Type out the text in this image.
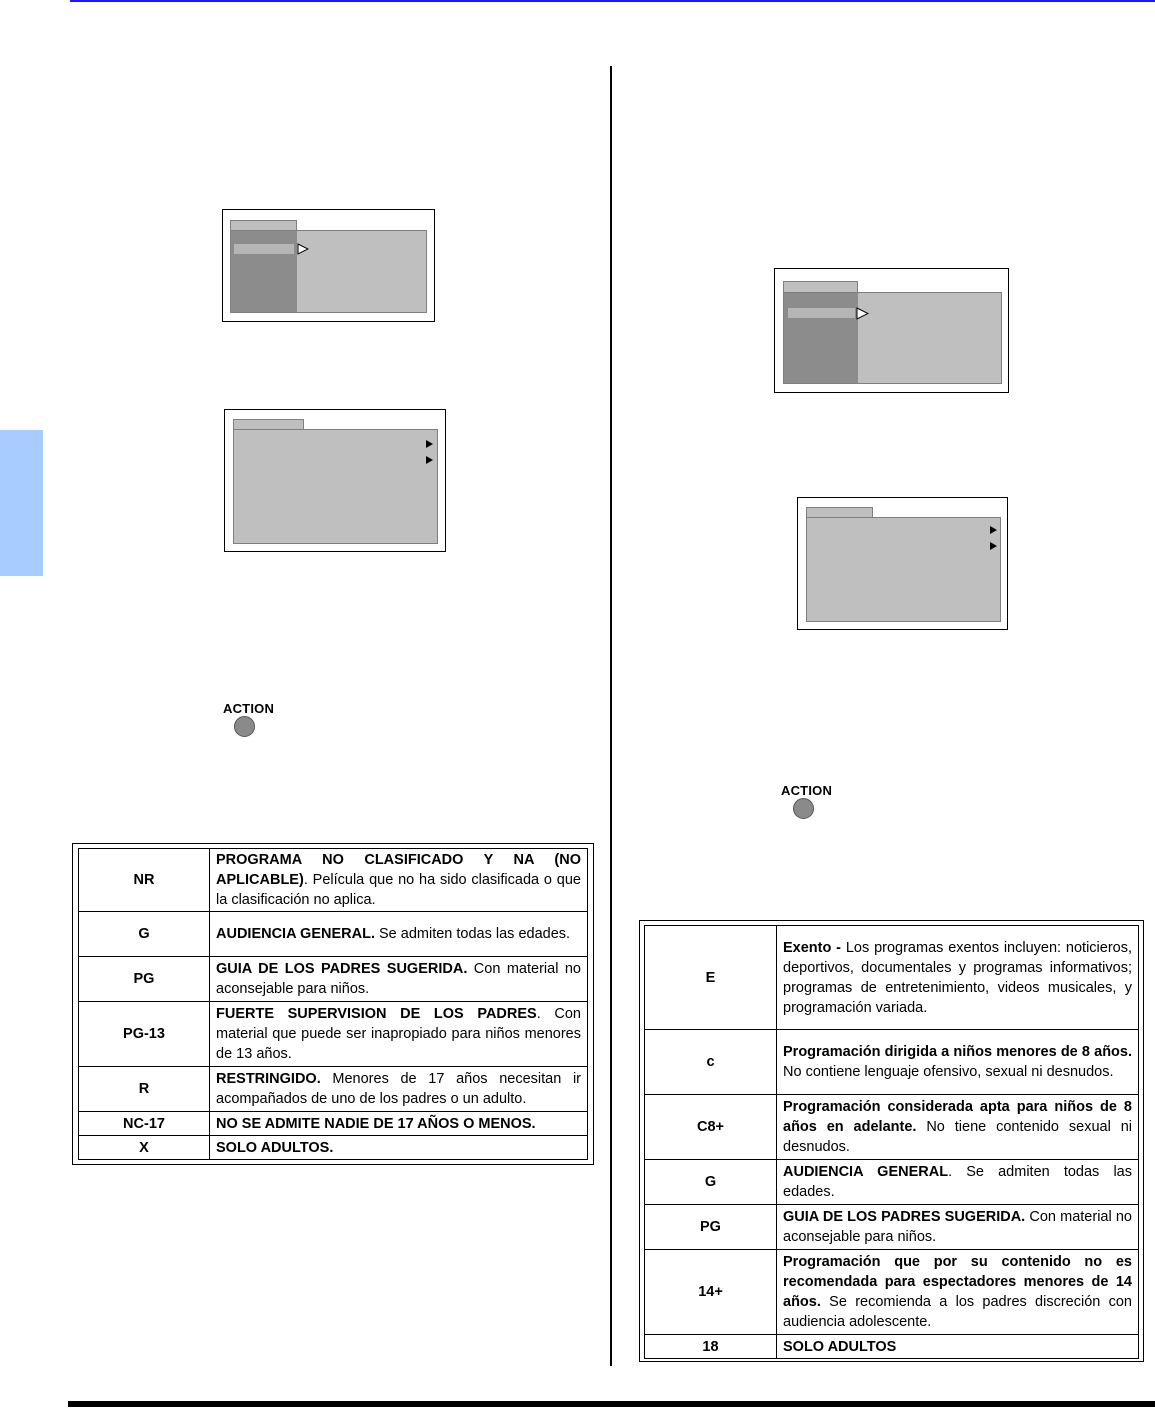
ACTION
NR	PROGRAMA NO CLASIFICADO Y NA (NO APLICABLE). Película que no ha sido clasificada o que la clasificación no aplica.
G	AUDIENCIA GENERAL. Se admiten todas las edades.
PG	GUIA DE LOS PADRES SUGERIDA. Con material no aconsejable para niños.
PG-13	FUERTE SUPERVISION DE LOS PADRES. Con material que puede ser inapropiado para niños menores de 13 años.
R	RESTRINGIDO. Menores de 17 años necesitan ir acompañados de uno de los padres o un adulto.
NC-17	NO SE ADMITE NADIE DE 17 AÑOS O MENOS.
X	SOLO ADULTOS.
ACTION
E	Exento - Los programas exentos incluyen: noticieros, deportivos, documentales y programas informativos; programas de entretenimiento, videos musicales, y programación variada.
c	Programación dirigida a niños menores de 8 años. No contiene lenguaje ofensivo, sexual ni desnudos.
C8+	Programación considerada apta para niños de 8 años en adelante. No tiene contenido sexual ni desnudos.
G	AUDIENCIA GENERAL. Se admiten todas las edades.
PG	GUIA DE LOS PADRES SUGERIDA. Con material no aconsejable para niños.
14+	Programación que por su contenido no es recomendada para espectadores menores de 14 años. Se recomienda a los padres discreción con audiencia adolescente.
18	SOLO ADULTOS
